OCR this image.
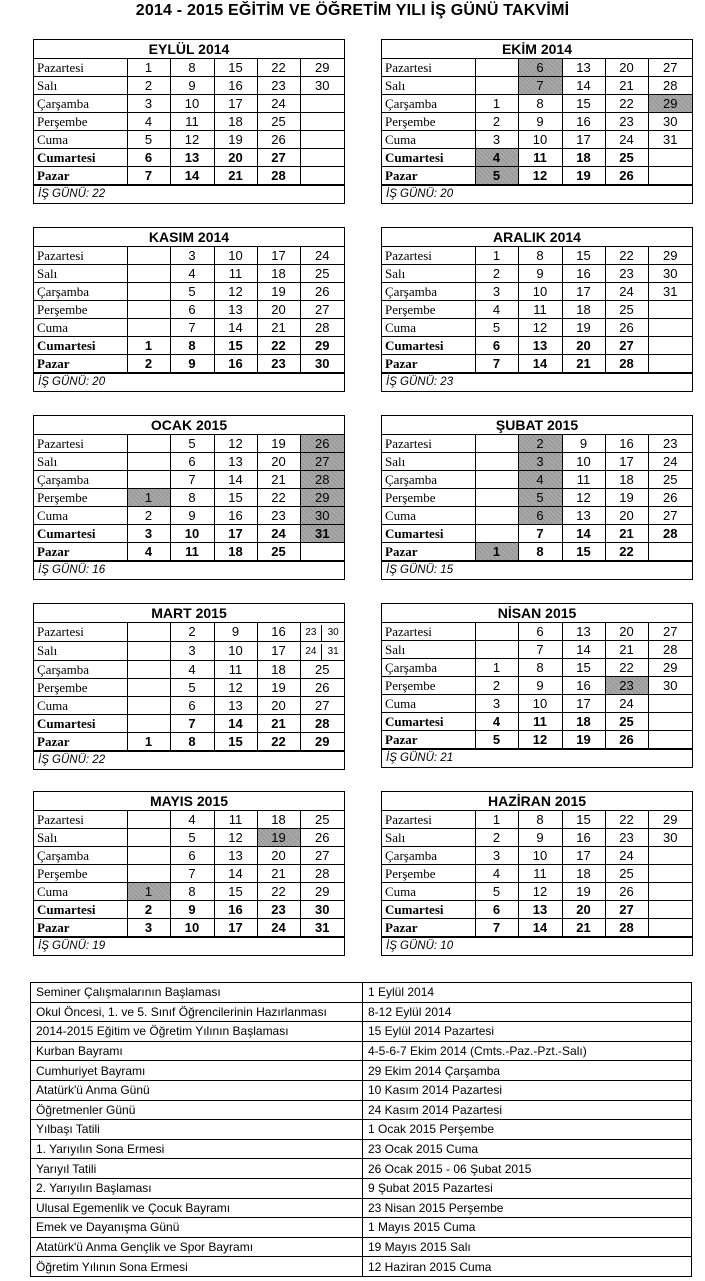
2014 - 2015 EĞİTİM VE ÖĞRETİM YILI İŞ GÜNÜ TAKVİMİ
EYLÜL 2014
Pazartesi	1	8	15	22	29
Salı	2	9	16	23	30
Çarşamba	3	10	17	24	
Perşembe	4	11	18	25	
Cuma	5	12	19	26	
Cumartesi	6	13	20	27	
Pazar	7	14	21	28	
İŞ GÜNÜ: 22
EKİM 2014
Pazartesi		6	13	20	27
Salı		7	14	21	28
Çarşamba	1	8	15	22	29
Perşembe	2	9	16	23	30
Cuma	3	10	17	24	31
Cumartesi	4	11	18	25	
Pazar	5	12	19	26	
İŞ GÜNÜ: 20
KASIM 2014
Pazartesi		3	10	17	24
Salı		4	11	18	25
Çarşamba		5	12	19	26
Perşembe		6	13	20	27
Cuma		7	14	21	28
Cumartesi	1	8	15	22	29
Pazar	2	9	16	23	30
İŞ GÜNÜ: 20
ARALIK 2014
Pazartesi	1	8	15	22	29
Salı	2	9	16	23	30
Çarşamba	3	10	17	24	31
Perşembe	4	11	18	25	
Cuma	5	12	19	26	
Cumartesi	6	13	20	27	
Pazar	7	14	21	28	
İŞ GÜNÜ: 23
OCAK 2015
Pazartesi		5	12	19	26
Salı		6	13	20	27
Çarşamba		7	14	21	28
Perşembe	1	8	15	22	29
Cuma	2	9	16	23	30
Cumartesi	3	10	17	24	31
Pazar	4	11	18	25	
İŞ GÜNÜ: 16
ŞUBAT 2015
Pazartesi		2	9	16	23
Salı		3	10	17	24
Çarşamba		4	11	18	25
Perşembe		5	12	19	26
Cuma		6	13	20	27
Cumartesi		7	14	21	28
Pazar	1	8	15	22	
İŞ GÜNÜ: 15
MART 2015
Pazartesi		2	9	16	23 30
Salı		3	10	17	24 31
Çarşamba		4	11	18	25
Perşembe		5	12	19	26
Cuma		6	13	20	27
Cumartesi		7	14	21	28
Pazar	1	8	15	22	29
İŞ GÜNÜ: 22
NİSAN 2015
Pazartesi		6	13	20	27
Salı		7	14	21	28
Çarşamba	1	8	15	22	29
Perşembe	2	9	16	23	30
Cuma	3	10	17	24	
Cumartesi	4	11	18	25	
Pazar	5	12	19	26	
İŞ GÜNÜ: 21
MAYIS 2015
Pazartesi		4	11	18	25
Salı		5	12	19	26
Çarşamba		6	13	20	27
Perşembe		7	14	21	28
Cuma	1	8	15	22	29
Cumartesi	2	9	16	23	30
Pazar	3	10	17	24	31
İŞ GÜNÜ: 19
HAZİRAN 2015
Pazartesi	1	8	15	22	29
Salı	2	9	16	23	30
Çarşamba	3	10	17	24	
Perşembe	4	11	18	25	
Cuma	5	12	19	26	
Cumartesi	6	13	20	27	
Pazar	7	14	21	28	
İŞ GÜNÜ: 10
Seminer Çalışmalarının Başlaması	1 Eylül 2014
Okul Öncesi, 1. ve 5. Sınıf Öğrencilerinin Hazırlanması	8-12 Eylül 2014
2014-2015 Eğitim ve Öğretim Yılının Başlaması	15 Eylül 2014 Pazartesi
Kurban Bayramı	4-5-6-7 Ekim 2014 (Cmts.-Paz.-Pzt.-Salı)
Cumhuriyet Bayramı	29 Ekim 2014 Çarşamba
Atatürk'ü Anma Günü	10 Kasım 2014 Pazartesi
Öğretmenler Günü	24 Kasım 2014 Pazartesi
Yılbaşı Tatili	1 Ocak 2015 Perşembe
1. Yarıyılın Sona Ermesi	23 Ocak 2015 Cuma
Yarıyıl Tatili	26 Ocak 2015 - 06 Şubat 2015
2. Yarıyılın Başlaması	9 Şubat 2015 Pazartesi
Ulusal Egemenlik ve Çocuk Bayramı	23 Nisan 2015 Perşembe
Emek ve Dayanışma Günü	1 Mayıs 2015 Cuma
Atatürk'ü Anma Gençlik ve Spor Bayramı	19 Mayıs 2015 Salı
Öğretim Yılının Sona Ermesi	12 Haziran 2015 Cuma
